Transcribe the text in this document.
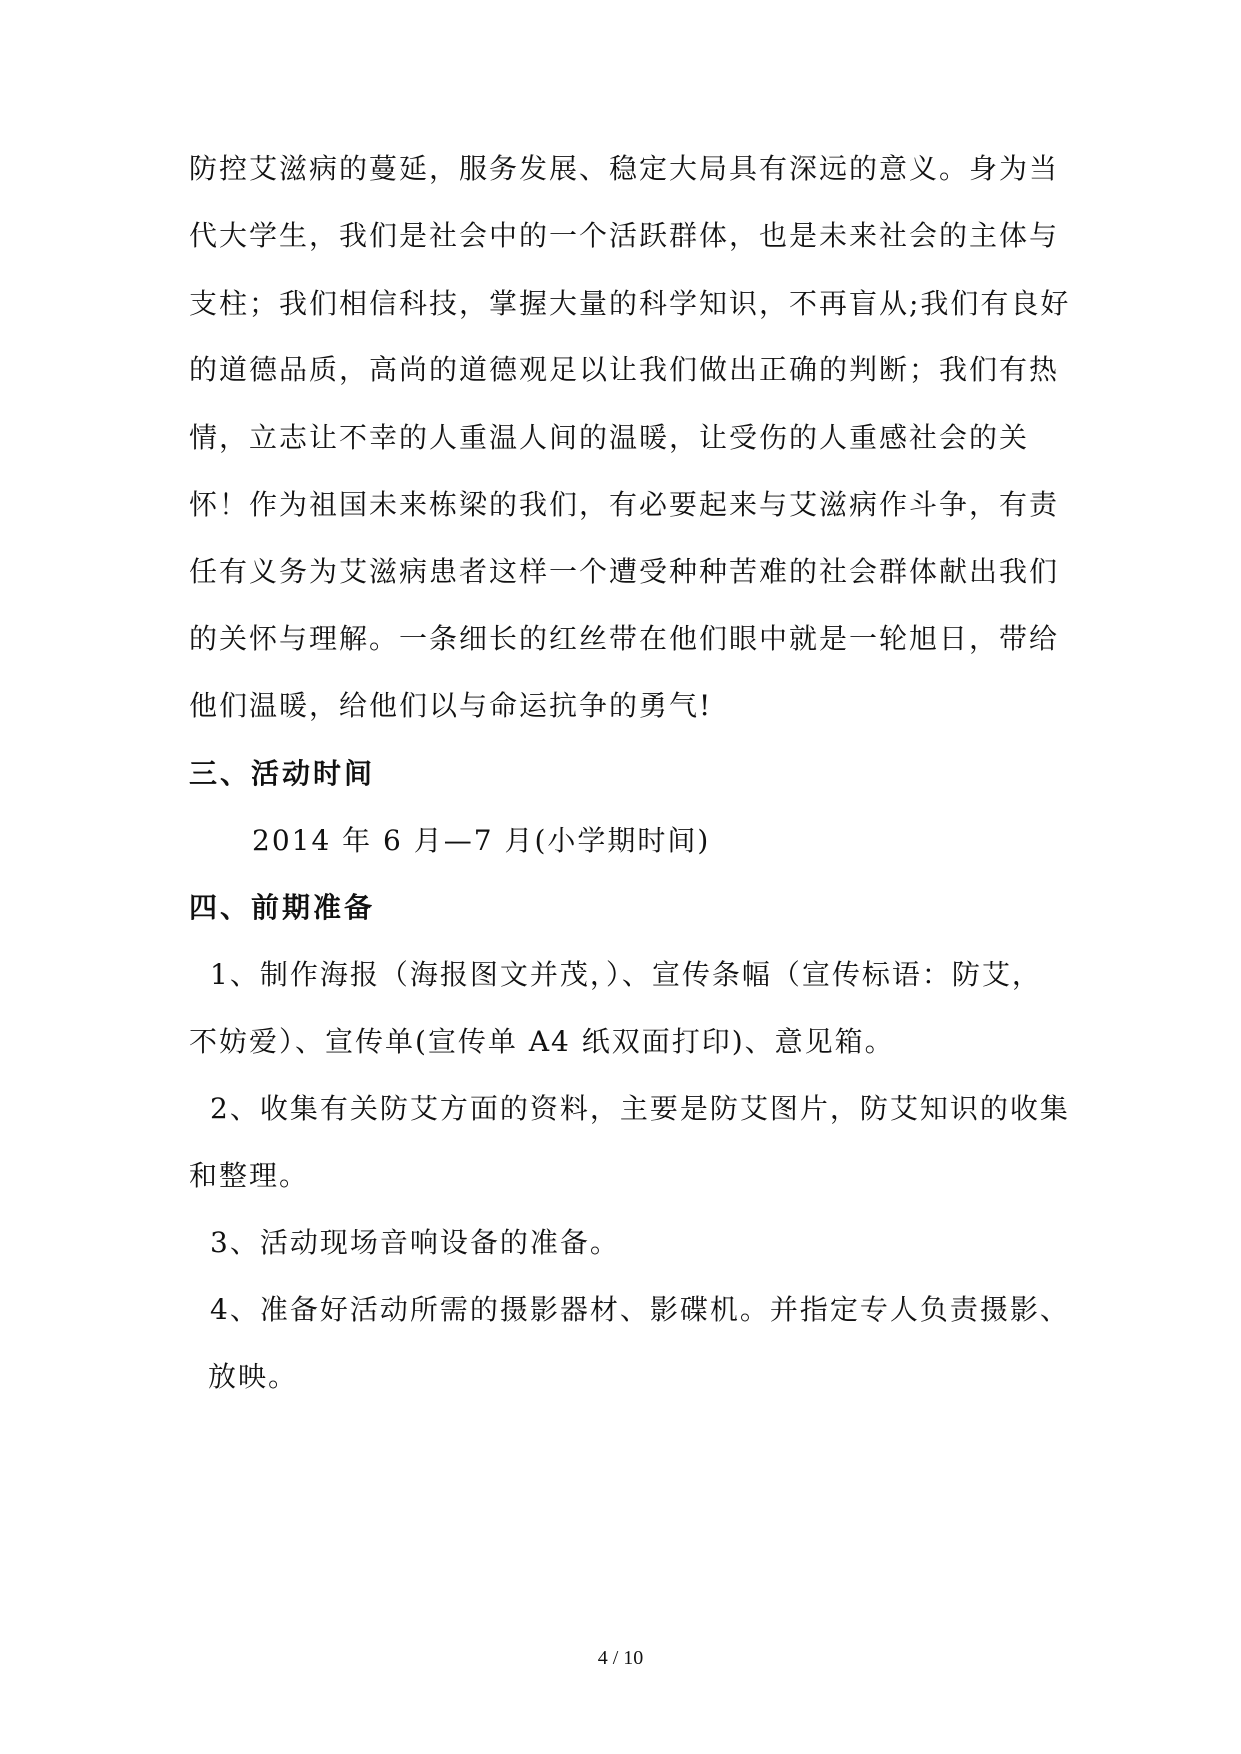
防控艾滋病的蔓延，服务发展、稳定大局具有深远的意义。身为当
代大学生，我们是社会中的一个活跃群体，也是未来社会的主体与
支柱；我们相信科技，掌握大量的科学知识，不再盲从;我们有良好
的道德品质，高尚的道德观足以让我们做出正确的判断；我们有热
情，立志让不幸的人重温人间的温暖，让受伤的人重感社会的关
怀！作为祖国未来栋梁的我们，有必要起来与艾滋病作斗争，有责
任有义务为艾滋病患者这样一个遭受种种苦难的社会群体献出我们
的关怀与理解。一条细长的红丝带在他们眼中就是一轮旭日，带给
他们温暖，给他们以与命运抗争的勇气!
三、活动时间
2014 年 6 月—7 月(小学期时间)
四、前期准备
1、制作海报（海报图文并茂，）、宣传条幅（宣传标语：防艾，
不妨爱）、宣传单(宣传单 A4 纸双面打印)、意见箱。
2、收集有关防艾方面的资料，主要是防艾图片，防艾知识的收集
和整理。
3、活动现场音响设备的准备。
4、准备好活动所需的摄影器材、影碟机。并指定专人负责摄影、
放映。
4 / 10
